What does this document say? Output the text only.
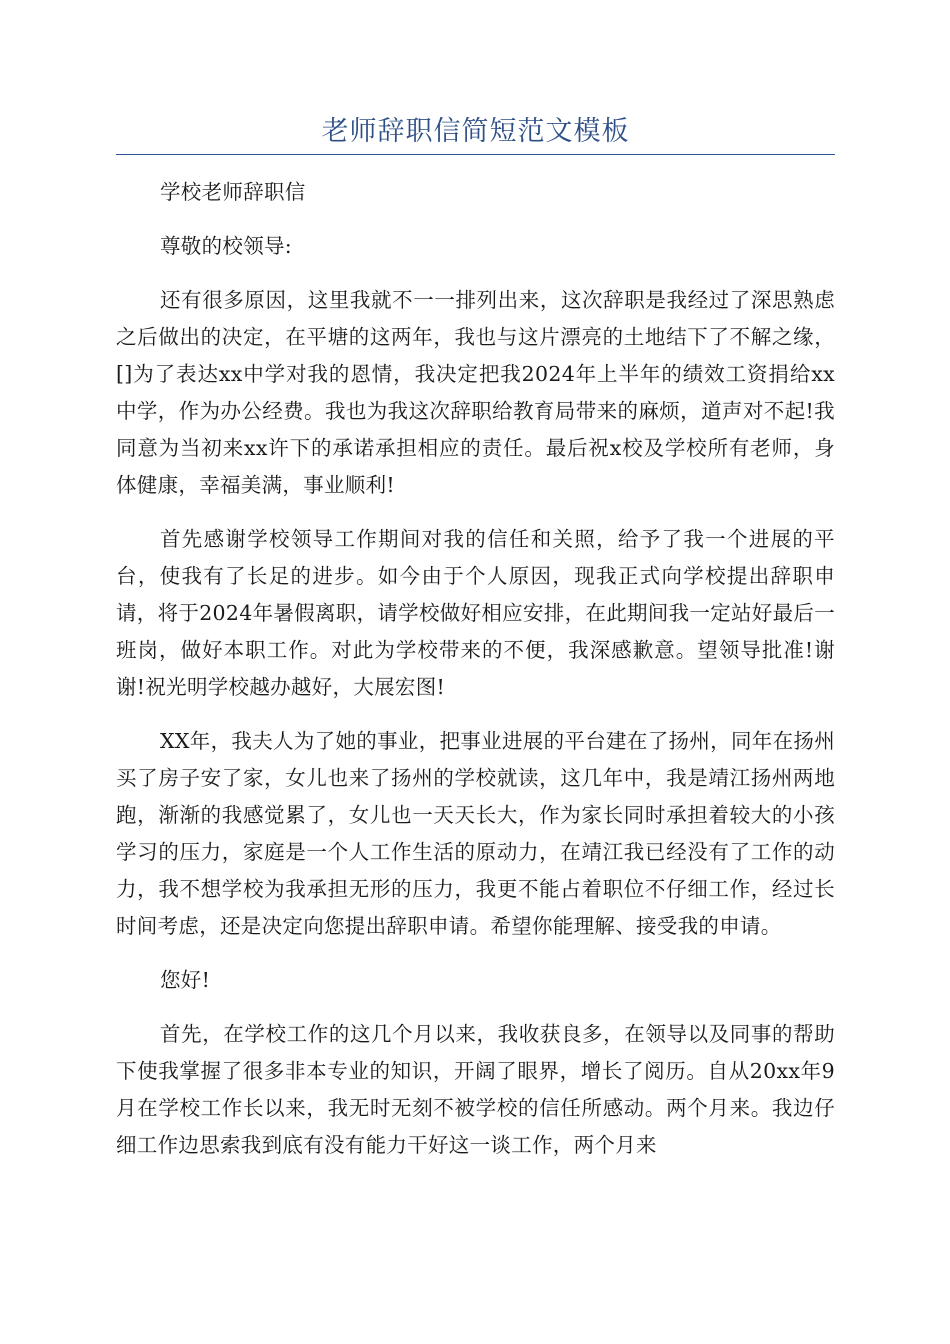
老师辞职信简短范文模板

学校老师辞职信

尊敬的校领导:

还有很多原因，这里我就不一一排列出来，这次辞职是我经过了深思熟虑之后做出的决定，在平塘的这两年，我也与这片漂亮的土地结下了不解之缘，[]为了表达xx中学对我的恩情，我决定把我2024年上半年的绩效工资捐给xx中学，作为办公经费。我也为我这次辞职给教育局带来的麻烦，道声对不起!我同意为当初来xx许下的承诺承担相应的责任。最后祝x校及学校所有老师，身体健康，幸福美满，事业顺利!

首先感谢学校领导工作期间对我的信任和关照，给予了我一个进展的平台，使我有了长足的进步。如今由于个人原因，现我正式向学校提出辞职申请，将于2024年暑假离职，请学校做好相应安排，在此期间我一定站好最后一班岗，做好本职工作。对此为学校带来的不便，我深感歉意。望领导批准!谢谢!祝光明学校越办越好，大展宏图!

XX年，我夫人为了她的事业，把事业进展的平台建在了扬州，同年在扬州买了房子安了家，女儿也来了扬州的学校就读，这几年中，我是靖江扬州两地跑，渐渐的我感觉累了，女儿也一天天长大，作为家长同时承担着较大的小孩学习的压力，家庭是一个人工作生活的原动力，在靖江我已经没有了工作的动力，我不想学校为我承担无形的压力，我更不能占着职位不仔细工作，经过长时间考虑，还是决定向您提出辞职申请。希望你能理解、接受我的申请。

您好!

首先，在学校工作的这几个月以来，我收获良多，在领导以及同事的帮助下使我掌握了很多非本专业的知识，开阔了眼界，增长了阅历。自从20xx年9月在学校工作长以来，我无时无刻不被学校的信任所感动。两个月来。我边仔细工作边思索我到底有没有能力干好这一谈工作，两个月来
